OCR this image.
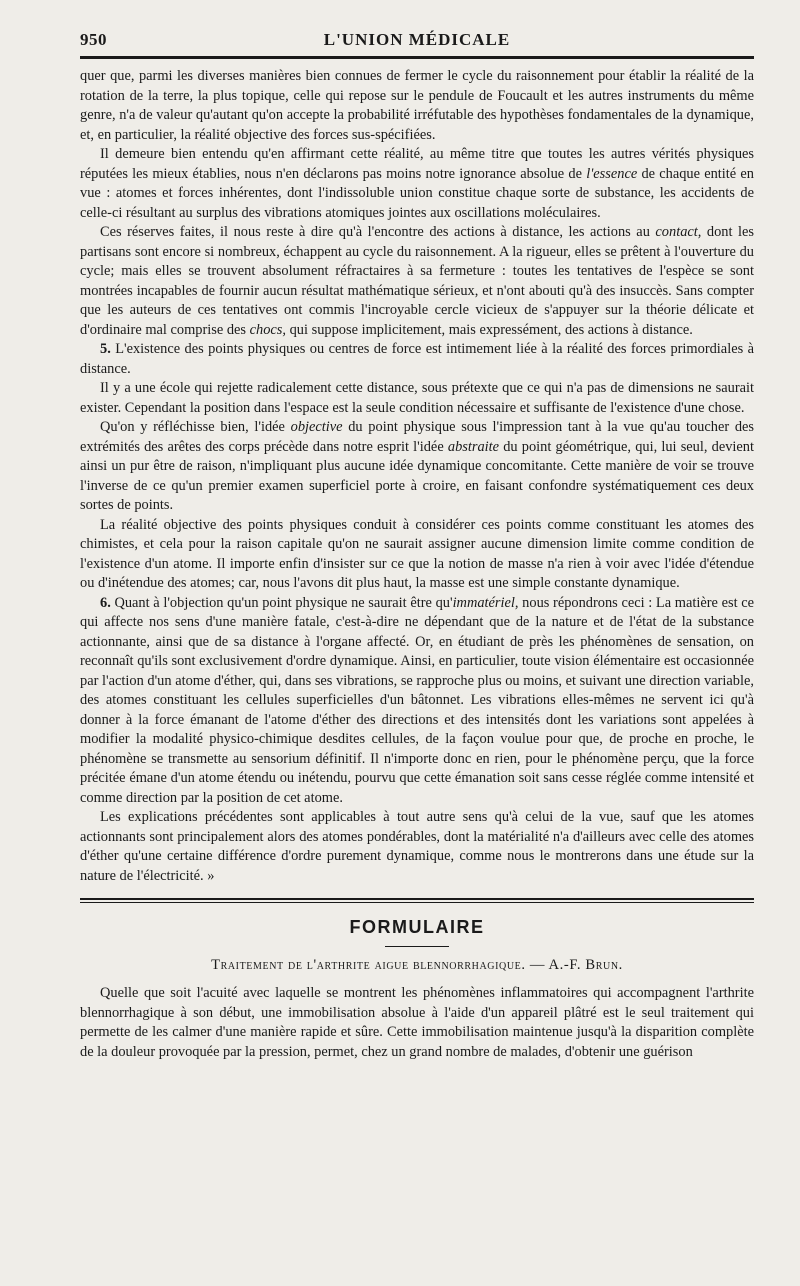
950	L'UNION MÉDICALE

quer que, parmi les diverses manières bien connues de fermer le cycle du raisonnement pour établir la réalité de la rotation de la terre, la plus topique, celle qui repose sur le pendule de Foucault et les autres instruments du même genre, n'a de valeur qu'autant qu'on accepte la probabilité irréfutable des hypothèses fondamentales de la dynamique, et, en particulier, la réalité objective des forces sus-spécifiées.

Il demeure bien entendu qu'en affirmant cette réalité, au même titre que toutes les autres vérités physiques réputées les mieux établies, nous n'en déclarons pas moins notre ignorance absolue de l'essence de chaque entité en vue : atomes et forces inhérentes, dont l'indissoluble union constitue chaque sorte de substance, les accidents de celle-ci résultant au surplus des vibrations atomiques jointes aux oscillations moléculaires.

Ces réserves faites, il nous reste à dire qu'à l'encontre des actions à distance, les actions au contact, dont les partisans sont encore si nombreux, échappent au cycle du raisonnement. A la rigueur, elles se prêtent à l'ouverture du cycle; mais elles se trouvent absolument réfractaires à sa fermeture : toutes les tentatives de l'espèce se sont montrées incapables de fournir aucun résultat mathématique sérieux, et n'ont abouti qu'à des insuccès. Sans compter que les auteurs de ces tentatives ont commis l'incroyable cercle vicieux de s'appuyer sur la théorie délicate et d'ordinaire mal comprise des chocs, qui suppose implicitement, mais expressément, des actions à distance.

5. L'existence des points physiques ou centres de force est intimement liée à la réalité des forces primordiales à distance.

Il y a une école qui rejette radicalement cette distance, sous prétexte que ce qui n'a pas de dimensions ne saurait exister. Cependant la position dans l'espace est la seule condition nécessaire et suffisante de l'existence d'une chose.

Qu'on y réfléchisse bien, l'idée objective du point physique sous l'impression tant à la vue qu'au toucher des extrémités des arêtes des corps précède dans notre esprit l'idée abstraite du point géométrique, qui, lui seul, devient ainsi un pur être de raison, n'impliquant plus aucune idée dynamique concomitante. Cette manière de voir se trouve l'inverse de ce qu'un premier examen superficiel porte à croire, en faisant confondre systématiquement ces deux sortes de points.

La réalité objective des points physiques conduit à considérer ces points comme constituant les atomes des chimistes, et cela pour la raison capitale qu'on ne saurait assigner aucune dimension limite comme condition de l'existence d'un atome. Il importe enfin d'insister sur ce que la notion de masse n'a rien à voir avec l'idée d'étendue ou d'inétendue des atomes; car, nous l'avons dit plus haut, la masse est une simple constante dynamique.

6. Quant à l'objection qu'un point physique ne saurait être qu'immatériel, nous répondrons ceci : La matière est ce qui affecte nos sens d'une manière fatale, c'est-à-dire ne dépendant que de la nature et de l'état de la substance actionnante, ainsi que de sa distance à l'organe affecté. Or, en étudiant de près les phénomènes de sensation, on reconnaît qu'ils sont exclusivement d'ordre dynamique. Ainsi, en particulier, toute vision élémentaire est occasionnée par l'action d'un atome d'éther, qui, dans ses vibrations, se rapproche plus ou moins, et suivant une direction variable, des atomes constituant les cellules superficielles d'un bâtonnet. Les vibrations elles-mêmes ne servent ici qu'à donner à la force émanant de l'atome d'éther des directions et des intensités dont les variations sont appelées à modifier la modalité physico-chimique desdites cellules, de la façon voulue pour que, de proche en proche, le phénomène se transmette au sensorium définitif. Il n'importe donc en rien, pour le phénomène perçu, que la force précitée émane d'un atome étendu ou inétendu, pourvu que cette émanation soit sans cesse réglée comme intensité et comme direction par la position de cet atome.

Les explications précédentes sont applicables à tout autre sens qu'à celui de la vue, sauf que les atomes actionnants sont principalement alors des atomes pondérables, dont la matérialité n'a d'ailleurs avec celle des atomes d'éther qu'une certaine différence d'ordre purement dynamique, comme nous le montrerons dans une étude sur la nature de l'électricité. »

FORMULAIRE
Traitement de l'arthrite aigue blennorrhagique. — A.-F. Brun.

Quelle que soit l'acuité avec laquelle se montrent les phénomènes inflammatoires qui accompagnent l'arthrite blennorrhagique à son début, une immobilisation absolue à l'aide d'un appareil plâtré est le seul traitement qui permette de les calmer d'une manière rapide et sûre. Cette immobilisation maintenue jusqu'à la disparition complète de la douleur provoquée par la pression, permet, chez un grand nombre de malades, d'obtenir une guérison
